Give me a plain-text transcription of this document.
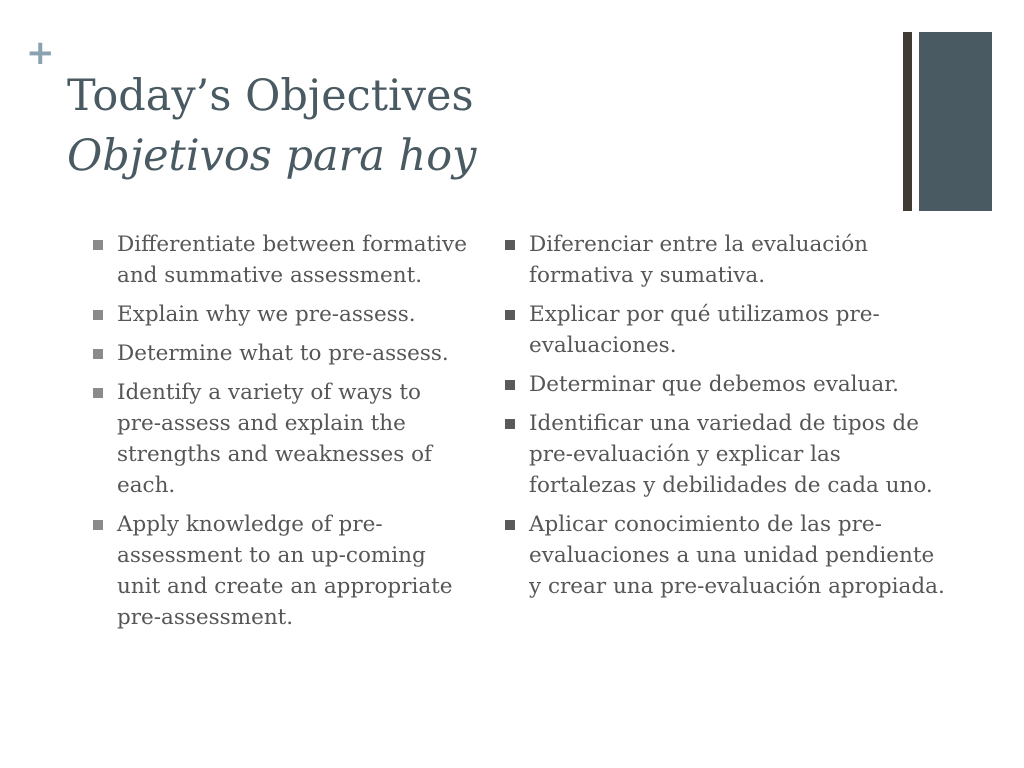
+
Today’s Objectives
Objetivos para hoy
Differentiate between formative and summative assessment.
Explain why we pre-assess.
Determine what to pre-assess.
Identify a variety of ways to pre-assess and explain the strengths and weaknesses of each.
Apply knowledge of pre-assessment to an up-coming unit and create an appropriate pre-assessment.
Diferenciar entre la evaluación formativa y sumativa.
Explicar por qué utilizamos pre-evaluaciones.
Determinar que debemos evaluar.
Identificar una variedad de tipos de pre-evaluación y explicar las fortalezas y debilidades de cada uno.
Aplicar conocimiento de las pre-evaluaciones a una unidad pendiente y crear una pre-evaluación apropiada.
